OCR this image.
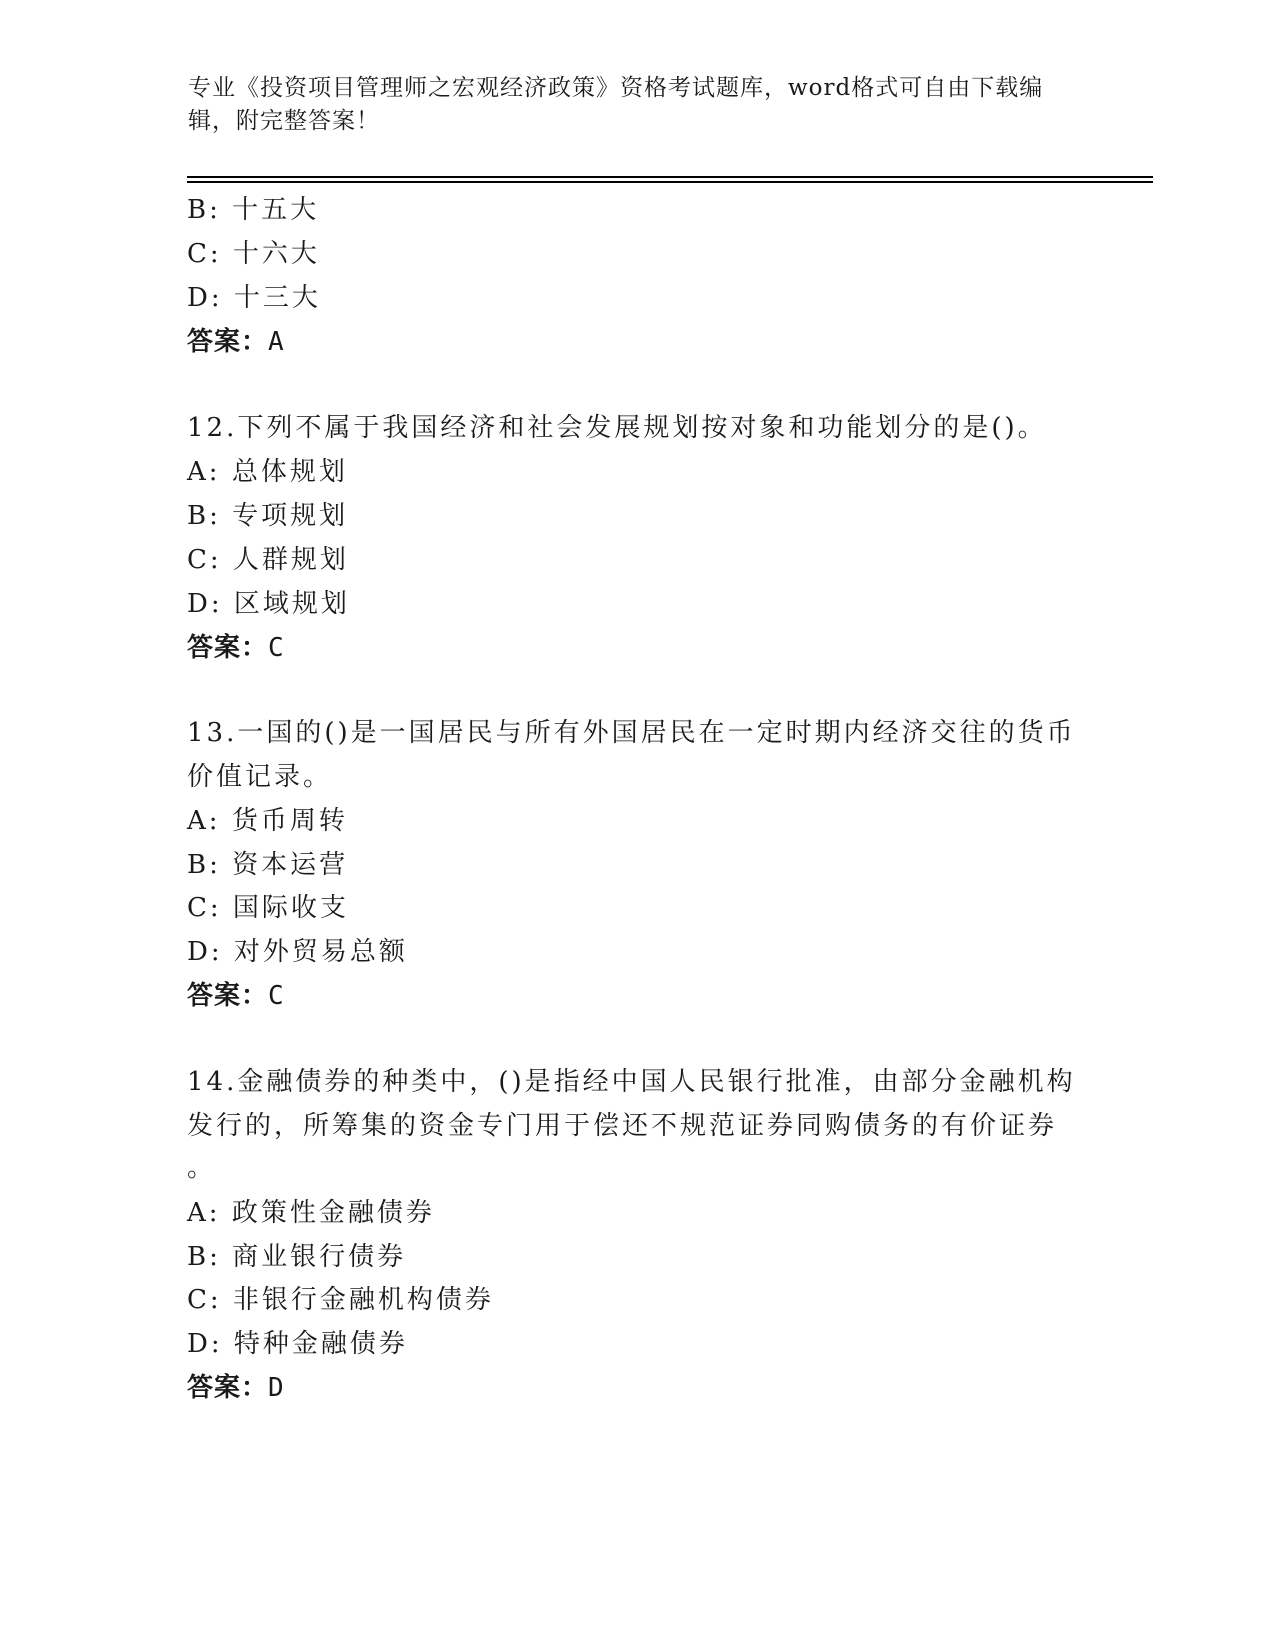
专业《投资项目管理师之宏观经济政策》资格考试题库，word格式可自由下载编
辑，附完整答案！
B: 十五大
C: 十六大
D: 十三大
答案：A
12.下列不属于我国经济和社会发展规划按对象和功能划分的是()。
A: 总体规划
B: 专项规划
C: 人群规划
D: 区域规划
答案：C
13.一国的()是一国居民与所有外国居民在一定时期内经济交往的货币
价值记录。
A: 货币周转
B: 资本运营
C: 国际收支
D: 对外贸易总额
答案：C
14.金融债券的种类中，()是指经中国人民银行批准，由部分金融机构
发行的，所筹集的资金专门用于偿还不规范证券同购债务的有价证券
。
A: 政策性金融债券
B: 商业银行债券
C: 非银行金融机构债券
D: 特种金融债券
答案：D
